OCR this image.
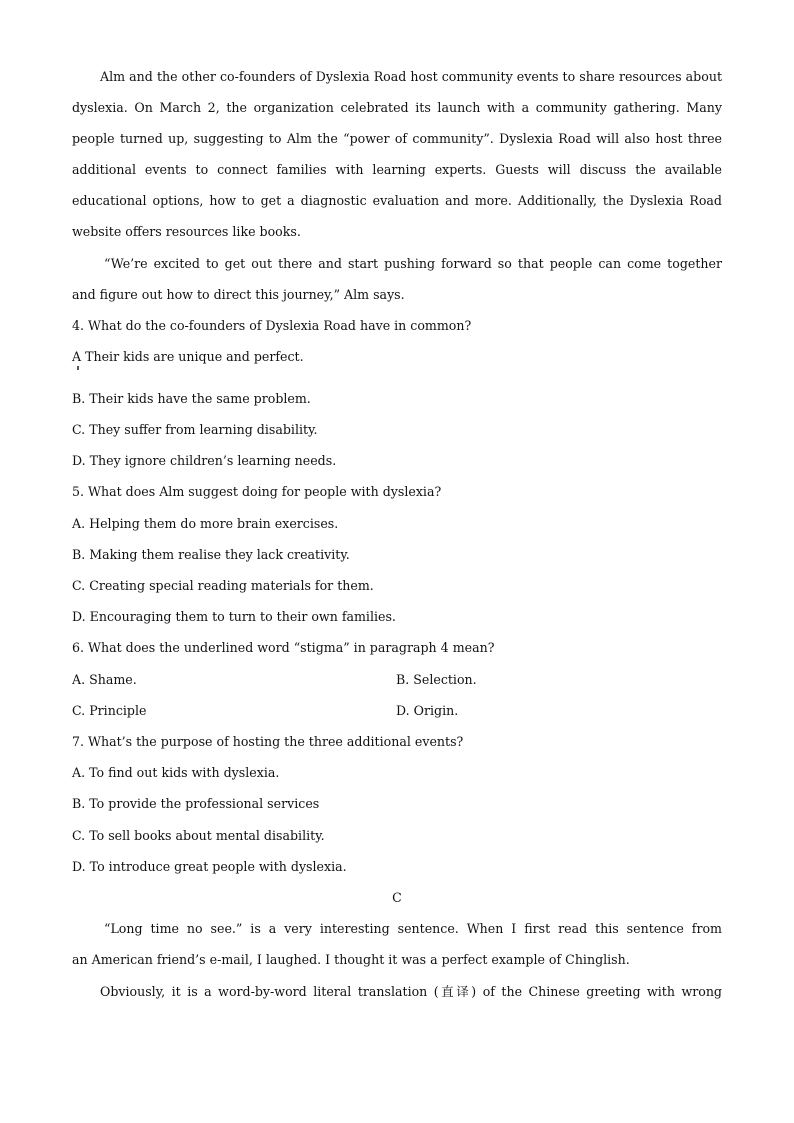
Alm and the other co-founders of Dyslexia Road host community events to share resources about
dyslexia. On March 2, the organization celebrated its launch with a community gathering. Many
people turned up, suggesting to Alm the “power of community”. Dyslexia Road will also host three
additional events to connect families with learning experts. Guests will discuss the available
educational options, how to get a diagnostic evaluation and more. Additionally, the Dyslexia Road
website offers resources like books.
“We’re excited to get out there and start pushing forward so that people can come together
and figure out how to direct this journey,” Alm says.
4. What do the co-founders of Dyslexia Road have in common?
A Their kids are unique and perfect.
B. Their kids have the same problem.
C. They suffer from learning disability.
D. They ignore children’s learning needs.
5. What does Alm suggest doing for people with dyslexia?
A. Helping them do more brain exercises.
B. Making them realise they lack creativity.
C. Creating special reading materials for them.
D. Encouraging them to turn to their own families.
6. What does the underlined word “stigma” in paragraph 4 mean?
A. Shame.	B. Selection.
C. Principle	D. Origin.
7. What’s the purpose of hosting the three additional events?
A. To find out kids with dyslexia.
B. To provide the professional services
C. To sell books about mental disability.
D. To introduce great people with dyslexia.
C
“Long time no see.” is a very interesting sentence. When I first read this sentence from
an American friend’s e-mail, I laughed. I thought it was a perfect example of Chinglish.
Obviously, it is a word-by-word literal translation (直译) of the Chinese greeting with wrong
